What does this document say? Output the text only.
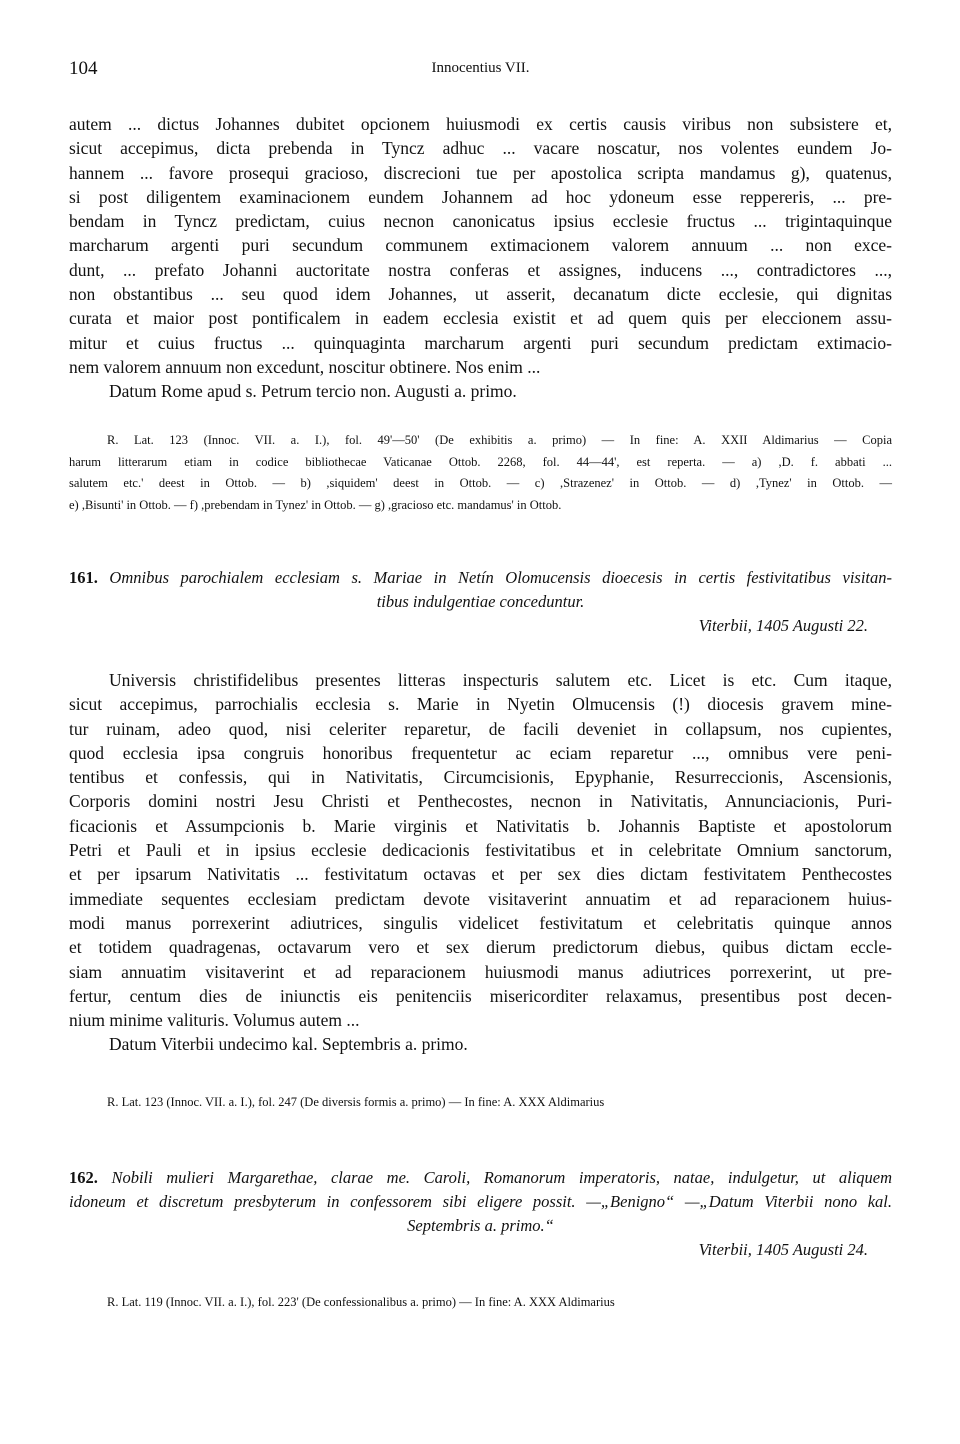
104	Innocentius VII.
autem ... dictus Johannes dubitet opcionem huiusmodi ex certis causis viribus non subsistere et,
sicut accepimus, dicta prebenda in Tyncz adhuc ... vacare noscatur, nos volentes eundem Jo-
hannem ... favore prosequi gracioso, discrecioni tue per apostolica scripta mandamus g), quatenus,
si post diligentem examinacionem eundem Johannem ad hoc ydoneum esse reppereris, ... pre-
bendam in Tyncz predictam, cuius necnon canonicatus ipsius ecclesie fructus ... trigintaquinque
marcharum argenti puri secundum communem extimacionem valorem annuum ... non exce-
dunt, ... prefato Johanni auctoritate nostra conferas et assignes, inducens ..., contradictores ...,
non obstantibus ... seu quod idem Johannes, ut asserit, decanatum dicte ecclesie, qui dignitas
curata et maior post pontificalem in eadem ecclesia existit et ad quem quis per eleccionem assu-
mitur et cuius fructus ... quinquaginta marcharum argenti puri secundum predictam extimacio-
nem valorem annuum non excedunt, noscitur obtinere. Nos enim ...
Datum Rome apud s. Petrum tercio non. Augusti a. primo.
R. Lat. 123 (Innoc. VII. a. I.), fol. 49'—50' (De exhibitis a. primo) — In fine: A. XXII Aldimarius — Copia
harum litterarum etiam in codice bibliothecae Vaticanae Ottob. 2268, fol. 44—44', est reperta. — a) ,D. f. abbati ...
salutem etc.' deest in Ottob. — b) ,siquidem' deest in Ottob. — c) ,Strazenez' in Ottob. — d) ,Tynez' in Ottob. —
e) ,Bisunti' in Ottob. — f) ,prebendam in Tynez' in Ottob. — g) ,gracioso etc. mandamus' in Ottob.
161. Omnibus parochialem ecclesiam s. Mariae in Netín Olomucensis dioecesis in certis festivitatibus visitan-
tibus indulgentiae conceduntur.
Viterbii, 1405 Augusti 22.
Universis christifidelibus presentes litteras inspecturis salutem etc. Licet is etc. Cum itaque,
sicut accepimus, parrochialis ecclesia s. Marie in Nyetin Olmucensis (!) diocesis gravem mine-
tur ruinam, adeo quod, nisi celeriter reparetur, de facili deveniet in collapsum, nos cupientes,
quod ecclesia ipsa congruis honoribus frequentetur ac eciam reparetur ..., omnibus vere peni-
tentibus et confessis, qui in Nativitatis, Circumcisionis, Epyphanie, Resurreccionis, Ascensionis,
Corporis domini nostri Jesu Christi et Penthecostes, necnon in Nativitatis, Annunciacionis, Puri-
ficacionis et Assumpcionis b. Marie virginis et Nativitatis b. Johannis Baptiste et apostolorum
Petri et Pauli et in ipsius ecclesie dedicacionis festivitatibus et in celebritate Omnium sanctorum,
et per ipsarum Nativitatis ... festivitatum octavas et per sex dies dictam festivitatem Penthecostes
immediate sequentes ecclesiam predictam devote visitaverint annuatim et ad reparacionem huius-
modi manus porrexerint adiutrices, singulis videlicet festivitatum et celebritatis quinque annos
et totidem quadragenas, octavarum vero et sex dierum predictorum diebus, quibus dictam eccle-
siam annuatim visitaverint et ad reparacionem huiusmodi manus adiutrices porrexerint, ut pre-
fertur, centum dies de iniunctis eis penitenciis misericorditer relaxamus, presentibus post decen-
nium minime valituris. Volumus autem ...
Datum Viterbii undecimo kal. Septembris a. primo.
R. Lat. 123 (Innoc. VII. a. I.), fol. 247 (De diversis formis a. primo) — In fine: A. XXX Aldimarius
162. Nobili mulieri Margarethae, clarae me. Caroli, Romanorum imperatoris, natae, indulgetur, ut aliquem
idoneum et discretum presbyterum in confessorem sibi eligere possit. —„Benigno“ —„Datum Viterbii nono kal.
Septembris a. primo.“
Viterbii, 1405 Augusti 24.
R. Lat. 119 (Innoc. VII. a. I.), fol. 223' (De confessionalibus a. primo) — In fine: A. XXX Aldimarius
